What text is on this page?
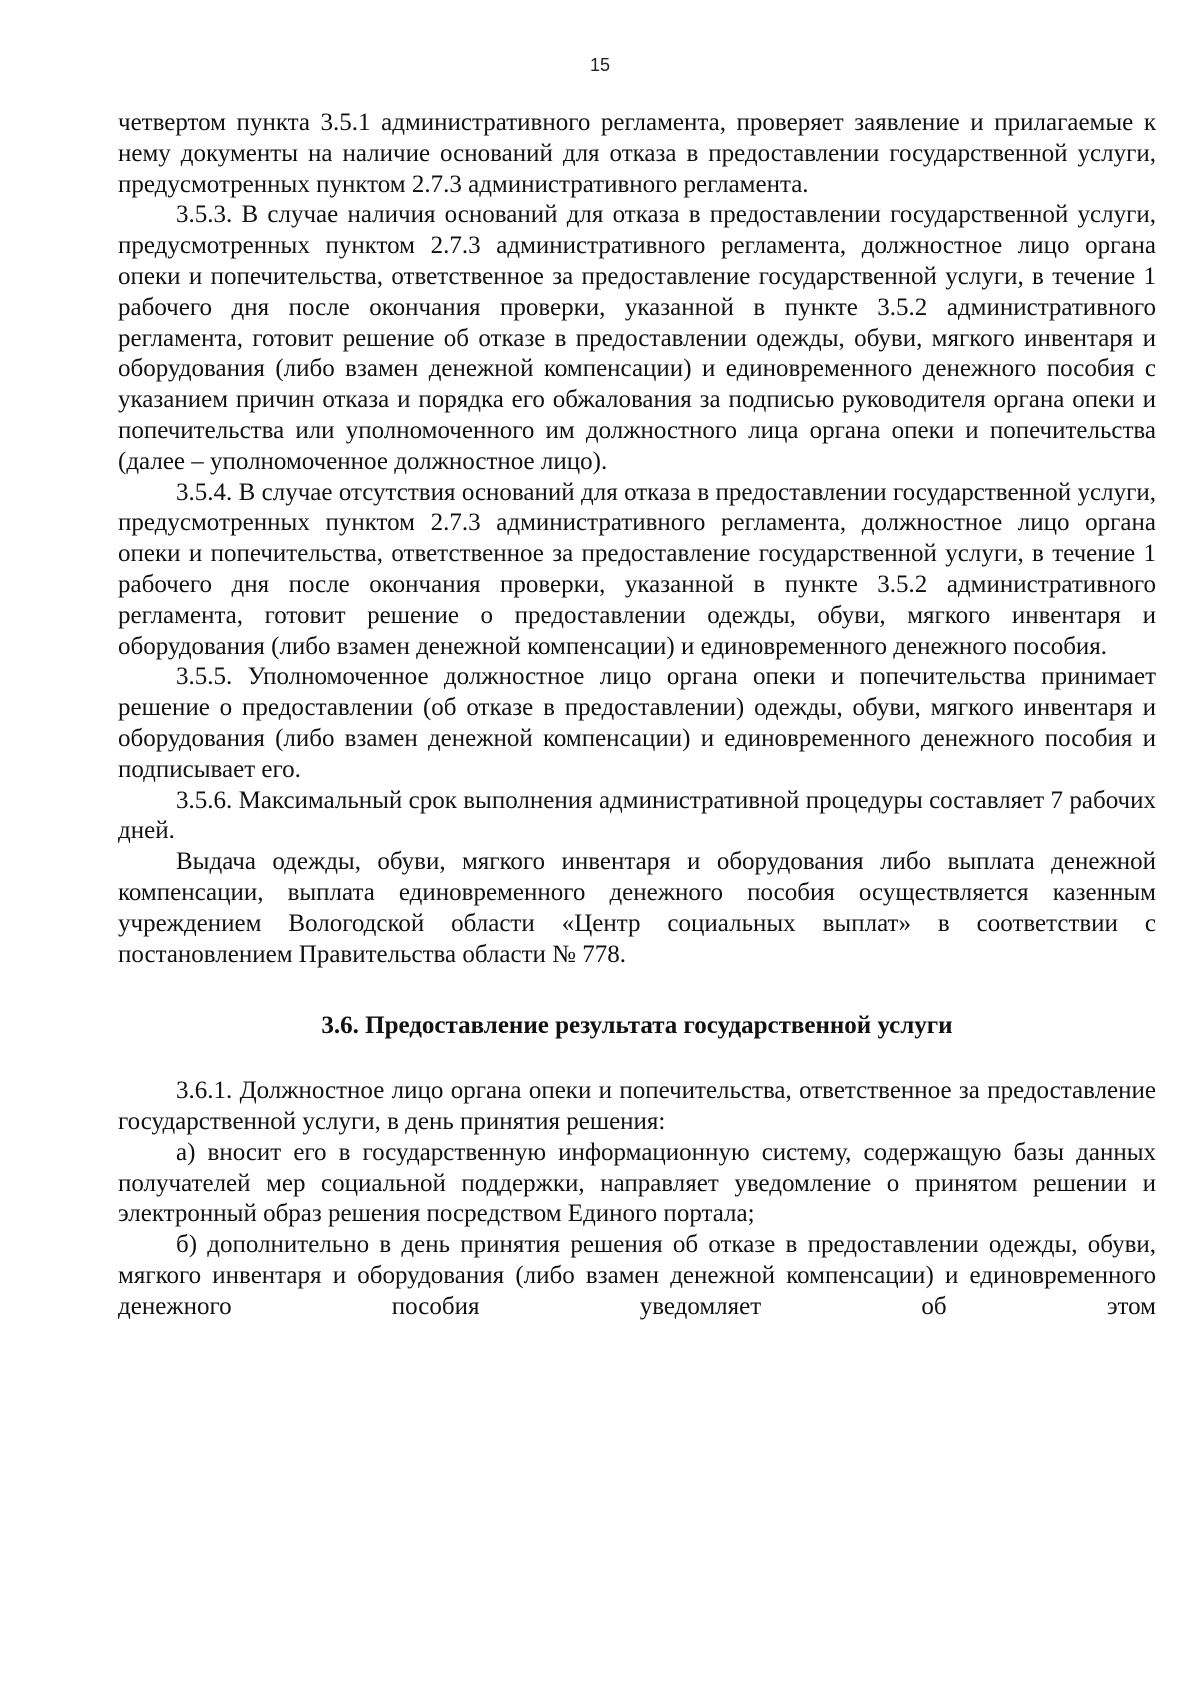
15

четвертом пункта 3.5.1 административного регламента, проверяет заявление и прилагаемые к нему документы на наличие оснований для отказа в предоставлении государственной услуги, предусмотренных пунктом 2.7.3 административного регламента.

3.5.3. В случае наличия оснований для отказа в предоставлении государственной услуги, предусмотренных пунктом 2.7.3 административного регламента, должностное лицо органа опеки и попечительства, ответственное за предоставление государственной услуги, в течение 1 рабочего дня после окончания проверки, указанной в пункте 3.5.2 административного регламента, готовит решение об отказе в предоставлении одежды, обуви, мягкого инвентаря и оборудования (либо взамен денежной компенсации) и единовременного денежного пособия с указанием причин отказа и порядка его обжалования за подписью руководителя органа опеки и попечительства или уполномоченного им должностного лица органа опеки и попечительства (далее – уполномоченное должностное лицо).

3.5.4. В случае отсутствия оснований для отказа в предоставлении государственной услуги, предусмотренных пунктом 2.7.3 административного регламента, должностное лицо органа опеки и попечительства, ответственное за предоставление государственной услуги, в течение 1 рабочего дня после окончания проверки, указанной в пункте 3.5.2 административного регламента, готовит решение о предоставлении одежды, обуви, мягкого инвентаря и оборудования (либо взамен денежной компенсации) и единовременного денежного пособия.

3.5.5. Уполномоченное должностное лицо органа опеки и попечительства принимает решение о предоставлении (об отказе в предоставлении) одежды, обуви, мягкого инвентаря и оборудования (либо взамен денежной компенсации) и единовременного денежного пособия и подписывает его.

3.5.6. Максимальный срок выполнения административной процедуры составляет 7 рабочих дней.

Выдача одежды, обуви, мягкого инвентаря и оборудования либо выплата денежной компенсации, выплата единовременного денежного пособия осуществляется казенным учреждением Вологодской области «Центр социальных выплат» в соответствии с постановлением Правительства области № 778.

3.6. Предоставление результата государственной услуги

3.6.1. Должностное лицо органа опеки и попечительства, ответственное за предоставление государственной услуги, в день принятия решения:

а) вносит его в государственную информационную систему, содержащую базы данных получателей мер социальной поддержки, направляет уведомление о принятом решении и электронный образ решения посредством Единого портала;

б) дополнительно в день принятия решения об отказе в предоставлении одежды, обуви, мягкого инвентаря и оборудования (либо взамен денежной компенсации) и единовременного денежного пособия уведомляет об этом
